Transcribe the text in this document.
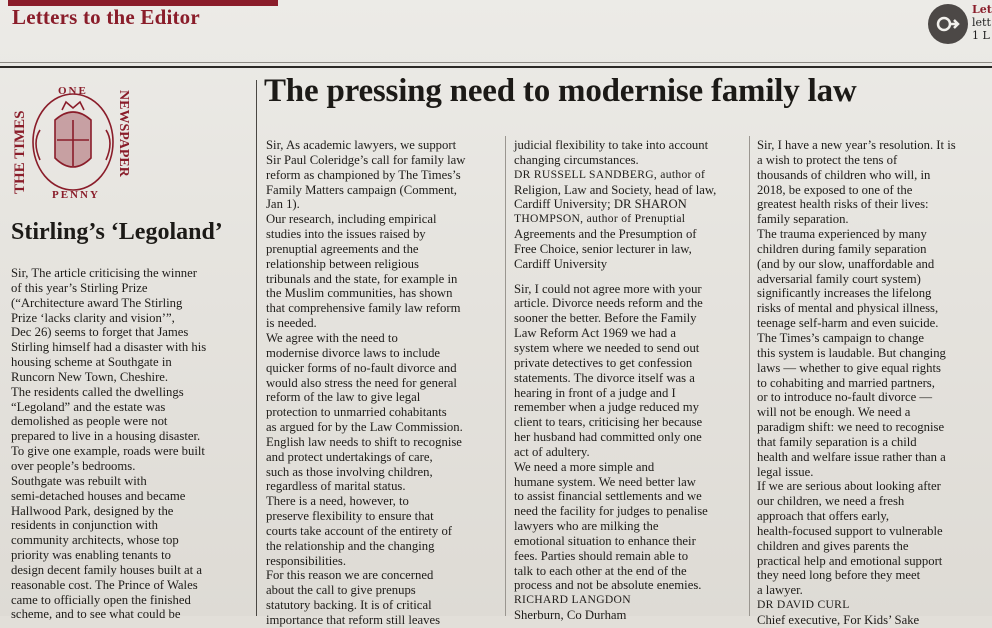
Letters to the Editor	Let
lett
1 L
THE TIMES	NEWSPAPER
ONE
PENNY
Stirling’s ‘Legoland’
Sir, The article criticising the winner
of this year’s Stirling Prize
(“Architecture award The Stirling
Prize ‘lacks clarity and vision’”,
Dec 26) seems to forget that James
Stirling himself had a disaster with his
housing scheme at Southgate in
Runcorn New Town, Cheshire.
The residents called the dwellings
“Legoland” and the estate was
demolished as people were not
prepared to live in a housing disaster.
To give one example, roads were built
over people’s bedrooms.
Southgate was rebuilt with
semi-detached houses and became
Hallwood Park, designed by the
residents in conjunction with
community architects, whose top
priority was enabling tenants to
design decent family houses built at a
reasonable cost. The Prince of Wales
came to officially open the finished
scheme, and to see what could be
The pressing need to modernise family law
Sir, As academic lawyers, we support
Sir Paul Coleridge’s call for family law
reform as championed by The Times’s
Family Matters campaign (Comment,
Jan 1).
Our research, including empirical
studies into the issues raised by
prenuptial agreements and the
relationship between religious
tribunals and the state, for example in
the Muslim communities, has shown
that comprehensive family law reform
is needed.
We agree with the need to
modernise divorce laws to include
quicker forms of no-fault divorce and
would also stress the need for general
reform of the law to give legal
protection to unmarried cohabitants
as argued for by the Law Commission.
English law needs to shift to recognise
and protect undertakings of care,
such as those involving children,
regardless of marital status.
There is a need, however, to
preserve flexibility to ensure that
courts take account of the entirety of
the relationship and the changing
responsibilities.
For this reason we are concerned
about the call to give prenups
statutory backing. It is of critical
importance that reform still leaves
judicial flexibility to take into account
changing circumstances.
DR RUSSELL SANDBERG, author of
Religion, Law and Society, head of law,
Cardiff University; DR SHARON
THOMPSON, author of Prenuptial
Agreements and the Presumption of
Free Choice, senior lecturer in law,
Cardiff University
Sir, I could not agree more with your
article. Divorce needs reform and the
sooner the better. Before the Family
Law Reform Act 1969 we had a
system where we needed to send out
private detectives to get confession
statements. The divorce itself was a
hearing in front of a judge and I
remember when a judge reduced my
client to tears, criticising her because
her husband had committed only one
act of adultery.
We need a more simple and
humane system. We need better law
to assist financial settlements and we
need the facility for judges to penalise
lawyers who are milking the
emotional situation to enhance their
fees. Parties should remain able to
talk to each other at the end of the
process and not be absolute enemies.
RICHARD LANGDON
Sherburn, Co Durham
Sir, I have a new year’s resolution. It is
a wish to protect the tens of
thousands of children who will, in
2018, be exposed to one of the
greatest health risks of their lives:
family separation.
The trauma experienced by many
children during family separation
(and by our slow, unaffordable and
adversarial family court system)
significantly increases the lifelong
risks of mental and physical illness,
teenage self-harm and even suicide.
The Times’s campaign to change
this system is laudable. But changing
laws — whether to give equal rights
to cohabiting and married partners,
or to introduce no-fault divorce —
will not be enough. We need a
paradigm shift: we need to recognise
that family separation is a child
health and welfare issue rather than a
legal issue.
If we are serious about looking after
our children, we need a fresh
approach that offers early,
health-focused support to vulnerable
children and gives parents the
practical help and emotional support
they need long before they meet
a lawyer.
DR DAVID CURL
Chief executive, For Kids’ Sake
